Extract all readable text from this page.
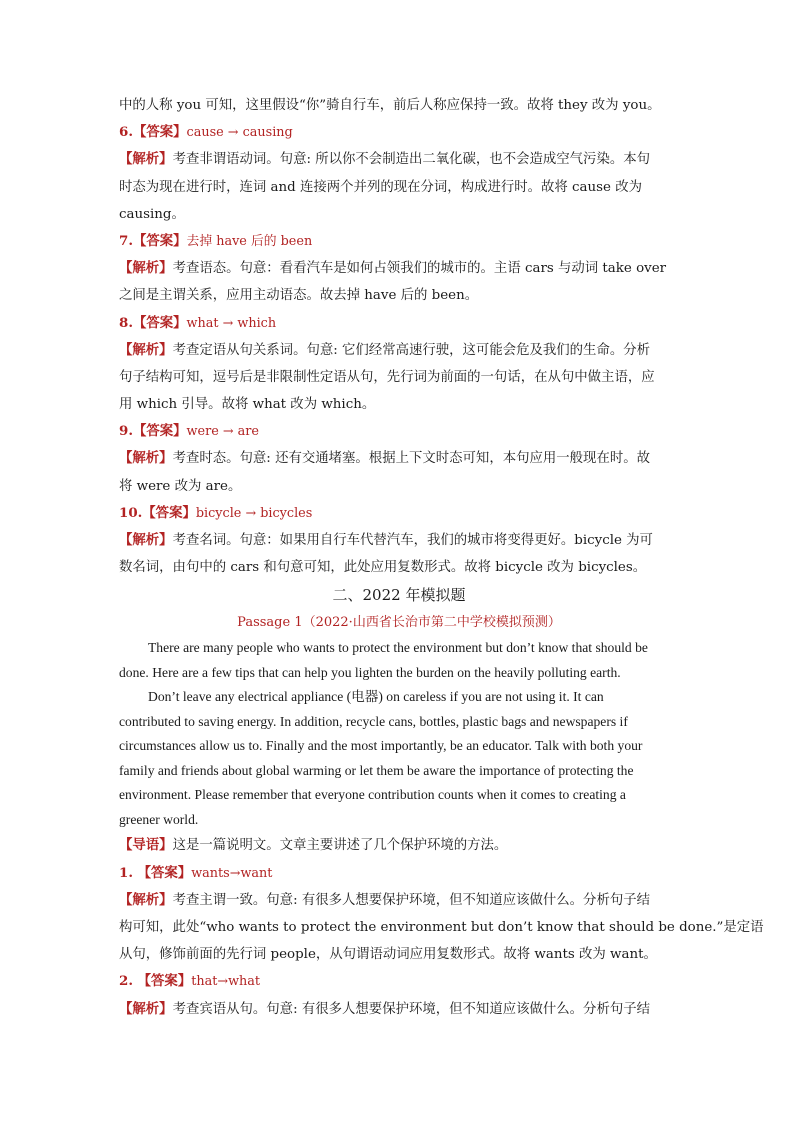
中的人称 you 可知，这里假设“你”骑自行车，前后人称应保持一致。故将 they 改为 you。
6.【答案】cause → causing
【解析】考查非谓语动词。句意: 所以你不会制造出二氧化碳，也不会造成空气污染。本句
时态为现在进行时，连词 and 连接两个并列的现在分词，构成进行时。故将 cause 改为
causing。
7.【答案】去掉 have 后的 been
【解析】考查语态。句意：看看汽车是如何占领我们的城市的。主语 cars 与动词 take over
之间是主谓关系，应用主动语态。故去掉 have 后的 been。
8.【答案】what → which
【解析】考查定语从句关系词。句意: 它们经常高速行驶，这可能会危及我们的生命。分析
句子结构可知，逗号后是非限制性定语从句，先行词为前面的一句话，在从句中做主语，应
用 which 引导。故将 what 改为 which。
9.【答案】were → are
【解析】考查时态。句意: 还有交通堵塞。根据上下文时态可知，本句应用一般现在时。故
将 were 改为 are。
10.【答案】bicycle → bicycles
【解析】考查名词。句意：如果用自行车代替汽车，我们的城市将变得更好。bicycle 为可
数名词，由句中的 cars 和句意可知，此处应用复数形式。故将 bicycle 改为 bicycles。
二、2022 年模拟题
Passage 1（2022·山西省长治市第二中学校模拟预测）
There are many people who wants to protect the environment but don’t know that should be
done. Here are a few tips that can help you lighten the burden on the heavily polluting earth.
Don’t leave any electrical appliance (电器) on careless if you are not using it. It can
contributed to saving energy. In addition, recycle cans, bottles, plastic bags and newspapers if
circumstances allow us to. Finally and the most importantly, be an educator. Talk with both your
family and friends about global warming or let them be aware the importance of protecting the
environment. Please remember that everyone contribution counts when it comes to creating a
greener world.
【导语】这是一篇说明文。文章主要讲述了几个保护环境的方法。
1. 【答案】wants→want
【解析】考查主谓一致。句意: 有很多人想要保护环境，但不知道应该做什么。分析句子结
构可知，此处“who wants to protect the environment but don’t know that should be done.”是定语
从句，修饰前面的先行词 people，从句谓语动词应用复数形式。故将 wants 改为 want。
2. 【答案】that→what
【解析】考查宾语从句。句意: 有很多人想要保护环境，但不知道应该做什么。分析句子结
